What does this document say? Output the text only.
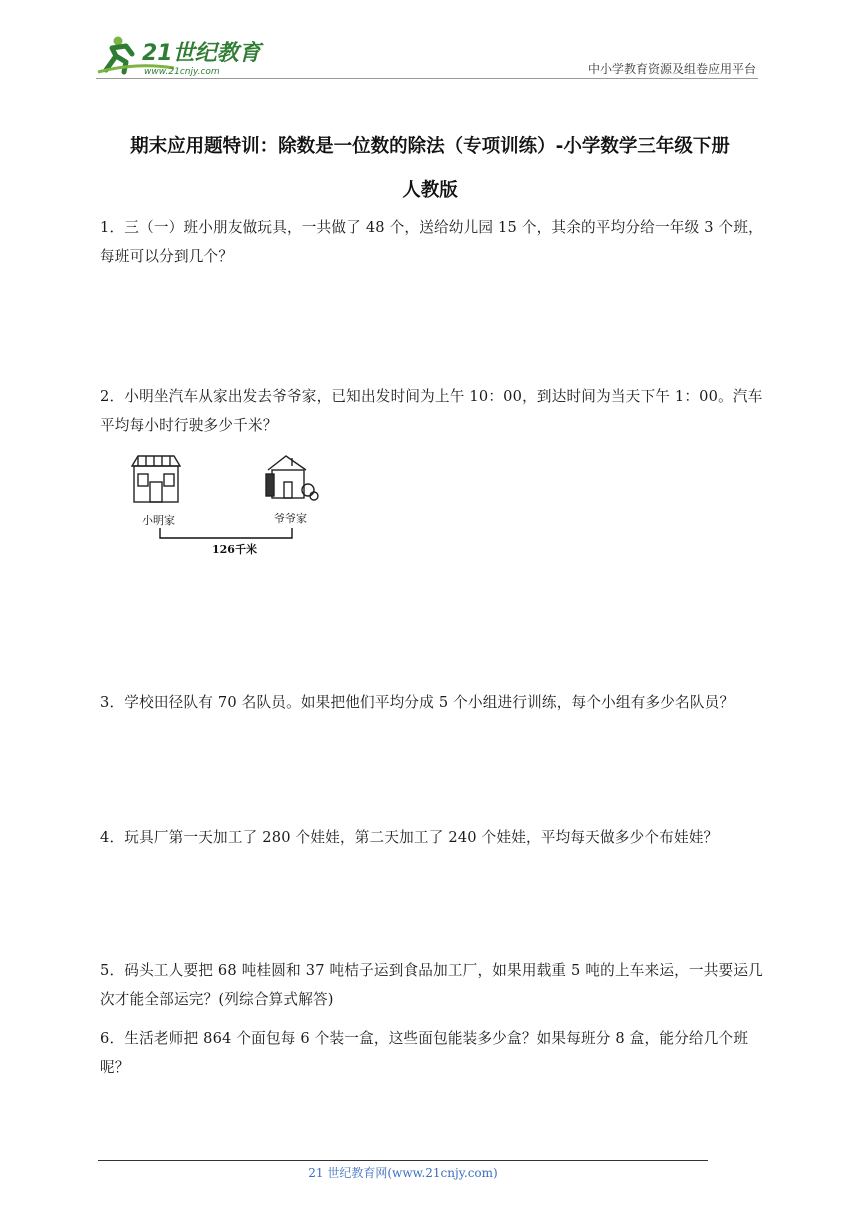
21世纪教育
www.21cnjy.com	中小学教育资源及组卷应用平台
期末应用题特训：除数是一位数的除法（专项训练）-小学数学三年级下册
人教版
1．三（一）班小朋友做玩具，一共做了 48 个，送给幼儿园 15 个，其余的平均分给一年级 3 个班，每班可以分到几个？
2．小明坐汽车从家出发去爷爷家，已知出发时间为上午 10：00，到达时间为当天下午 1：00。汽车平均每小时行驶多少千米？
小明家	爷爷家
126千米
3．学校田径队有 70 名队员。如果把他们平均分成 5 个小组进行训练，每个小组有多少名队员？
4．玩具厂第一天加工了 280 个娃娃，第二天加工了 240 个娃娃，平均每天做多少个布娃娃？
5．码头工人要把 68 吨桂圆和 37 吨桔子运到食品加工厂，如果用载重 5 吨的上车来运，一共要运几次才能全部运完？(列综合算式解答)
6．生活老师把 864 个面包每 6 个装一盒，这些面包能装多少盒？如果每班分 8 盒，能分给几个班呢？
21 世纪教育网(www.21cnjy.com)
